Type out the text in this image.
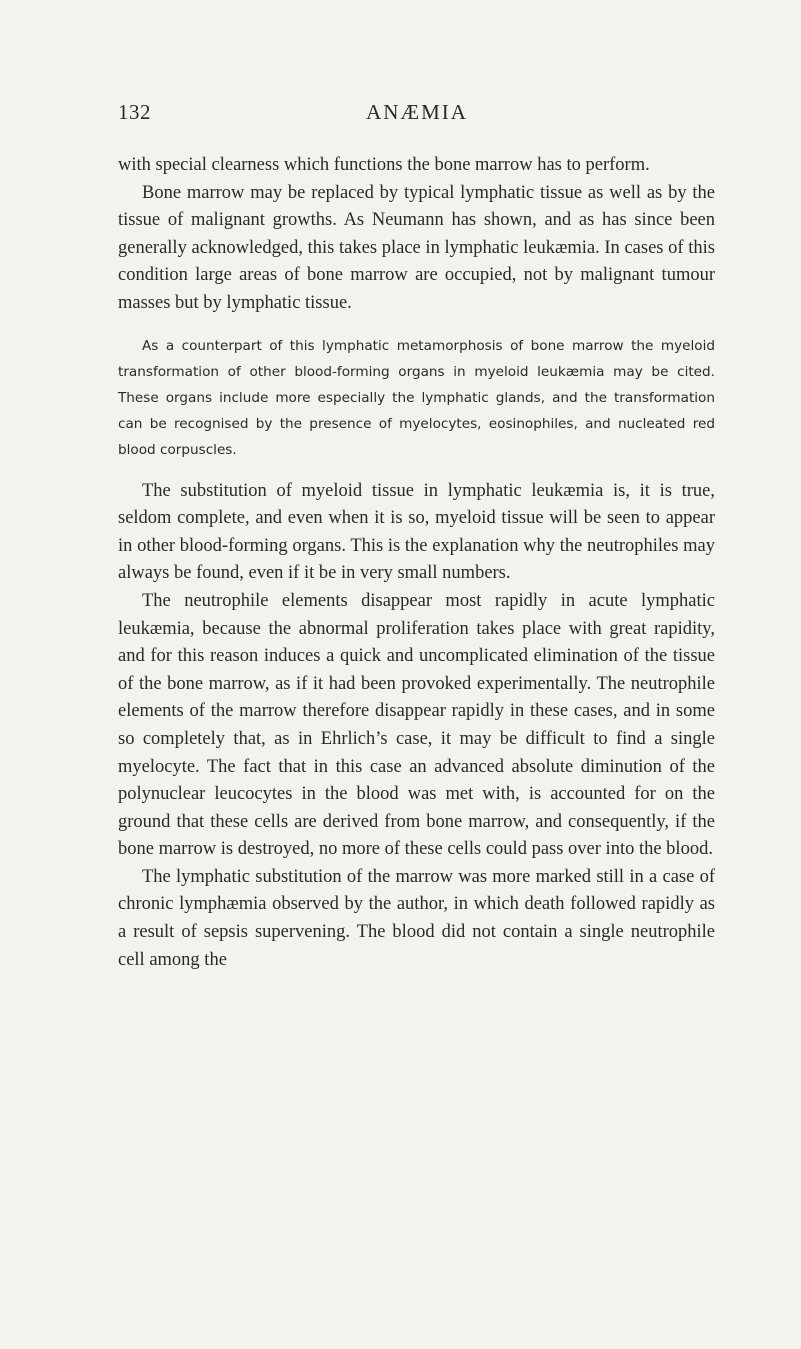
132	ANÆMIA

with special clearness which functions the bone marrow has to perform.

Bone marrow may be replaced by typical lymphatic tissue as well as by the tissue of malignant growths. As Neumann has shown, and as has since been generally acknowledged, this takes place in lymphatic leukæmia. In cases of this condition large areas of bone marrow are occupied, not by malignant tumour masses but by lymphatic tissue.

As a counterpart of this lymphatic metamorphosis of bone marrow the myeloid transformation of other blood-forming organs in myeloid leukæmia may be cited. These organs include more especially the lymphatic glands, and the transformation can be recognised by the presence of myelocytes, eosinophiles, and nucleated red blood corpuscles.

The substitution of myeloid tissue in lymphatic leukæmia is, it is true, seldom complete, and even when it is so, myeloid tissue will be seen to appear in other blood-forming organs. This is the explanation why the neutrophiles may always be found, even if it be in very small numbers.

The neutrophile elements disappear most rapidly in acute lymphatic leukæmia, because the abnormal proliferation takes place with great rapidity, and for this reason induces a quick and uncomplicated elimination of the tissue of the bone marrow, as if it had been provoked experimentally. The neutrophile elements of the marrow therefore disappear rapidly in these cases, and in some so completely that, as in Ehrlich’s case, it may be difficult to find a single myelocyte. The fact that in this case an advanced absolute diminution of the polynuclear leucocytes in the blood was met with, is accounted for on the ground that these cells are derived from bone marrow, and consequently, if the bone marrow is destroyed, no more of these cells could pass over into the blood.

The lymphatic substitution of the marrow was more marked still in a case of chronic lymphæmia observed by the author, in which death followed rapidly as a result of sepsis supervening. The blood did not contain a single neutrophile cell among the
